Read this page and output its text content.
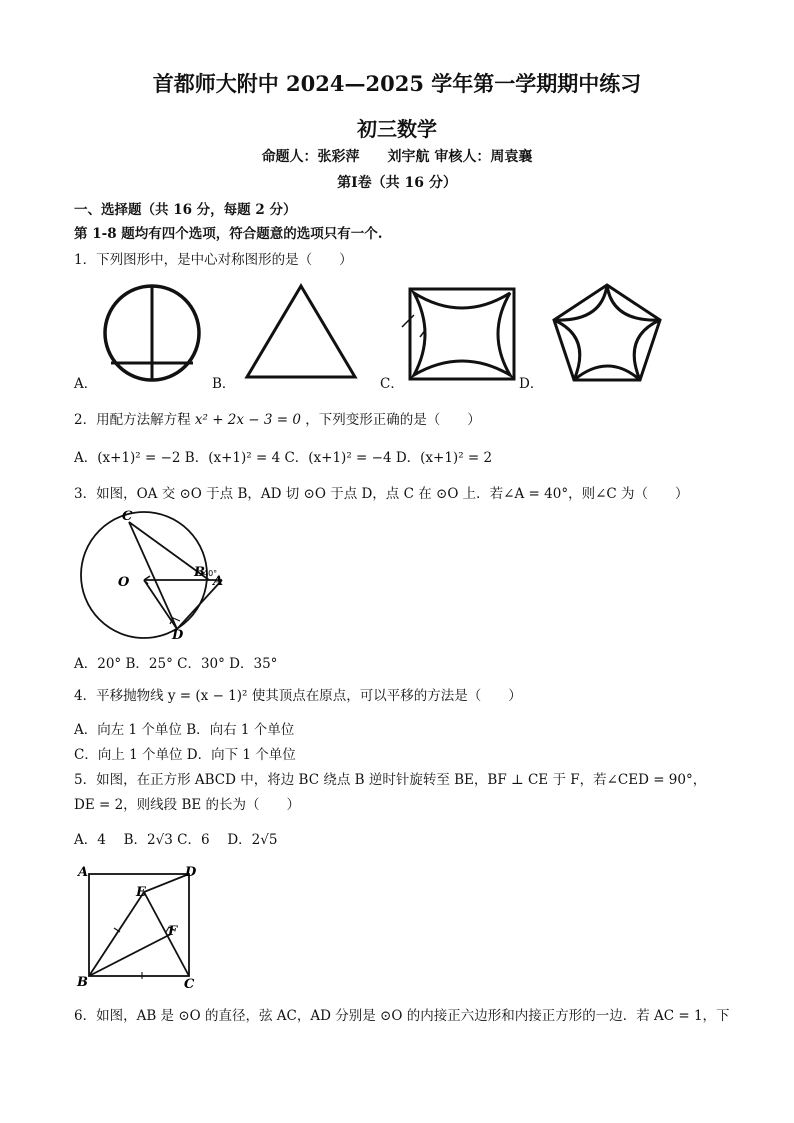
首都师大附中 2024—2025 学年第一学期期中练习
初三数学
命题人：张彩萍　　刘宇航 审核人：周袁襄
第Ⅰ卷（共 16 分）
一、选择题（共 16 分，每题 2 分）
第 1-8 题均有四个选项，符合题意的选项只有一个.
1．下列图形中，是中心对称图形的是（　　）
A．	B．	C．	D．
2．用配方法解方程 x² + 2x − 3 = 0 ，下列变形正确的是（　　）
A．(x+1)² = −2 B．(x+1)² = 4 C．(x+1)² = −4 D．(x+1)² = 2
3．如图，OA 交 ⊙O 于点 B，AD 切 ⊙O 于点 D，点 C 在 ⊙O 上．若∠A = 40°，则∠C 为（　　）
C
O
B
A
D
40°
A．20° B．25° C．30° D．35°
4．平移抛物线 y = (x − 1)² 使其顶点在原点，可以平移的方法是（　　）
A．向左 1 个单位 B．向右 1 个单位
C．向上 1 个单位 D．向下 1 个单位
5．如图，在正方形 ABCD 中，将边 BC 绕点 B 逆时针旋转至 BE，BF ⊥ CE 于 F，若∠CED = 90°，
DE = 2，则线段 BE 的长为（　　）
A．4　 B．2√3 C．6　 D．2√5
A	D
E
F
B	C
6．如图，AB 是 ⊙O 的直径，弦 AC，AD 分别是 ⊙O 的内接正六边形和内接正方形的一边．若 AC = 1，下
